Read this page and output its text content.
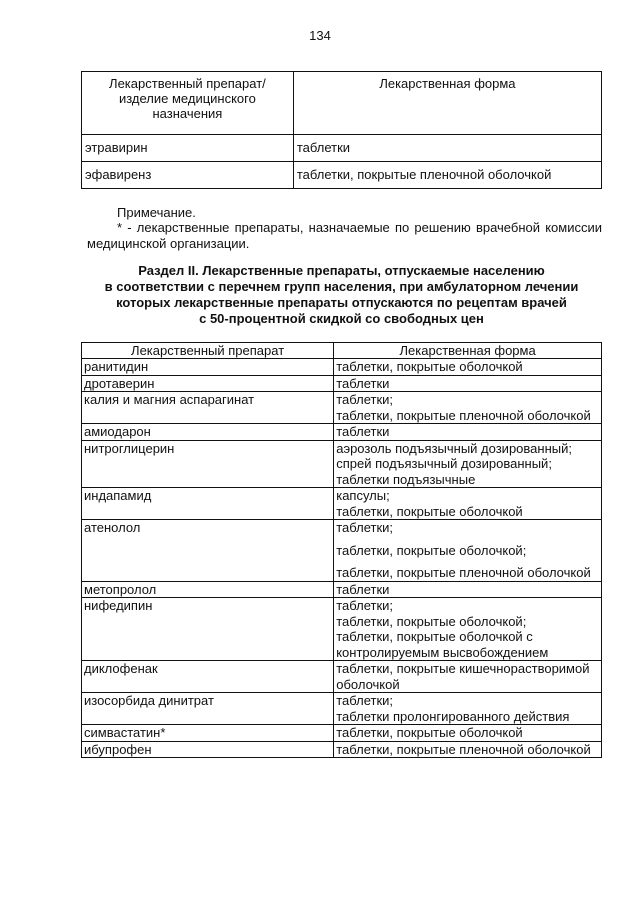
134
Лекарственный препарат/
изделие медицинского
назначения	Лекарственная форма
этравирин	таблетки
эфавиренз	таблетки, покрытые пленочной оболочкой
Примечание.
* - лекарственные препараты, назначаемые по решению врачебной комиссии медицинской организации.
Раздел II. Лекарственные препараты, отпускаемые населению
в соответствии с перечнем групп населения, при амбулаторном лечении
которых лекарственные препараты отпускаются по рецептам врачей
с 50-процентной скидкой со свободных цен
Лекарственный препарат	Лекарственная форма
ранитидин	таблетки, покрытые оболочкой

дротаверин	таблетки

калия и магния аспарагинат	таблетки;
таблетки, покрытые пленочной оболочкой

амиодарон	таблетки

нитроглицерин	аэрозоль подъязычный дозированный;
спрей подъязычный дозированный;
таблетки подъязычные

индапамид	капсулы;
таблетки, покрытые оболочкой

атенолол	таблетки;
таблетки, покрытые оболочкой;
таблетки, покрытые пленочной оболочкой

метопролол	таблетки

нифедипин	таблетки;
таблетки, покрытые оболочкой;
таблетки, покрытые оболочкой с контролируемым высвобождением

диклофенак	таблетки, покрытые кишечнорастворимой оболочкой

изосорбида динитрат	таблетки;
таблетки пролонгированного действия

симвастатин*	таблетки, покрытые оболочкой

ибупрофен	таблетки, покрытые пленочной оболочкой
